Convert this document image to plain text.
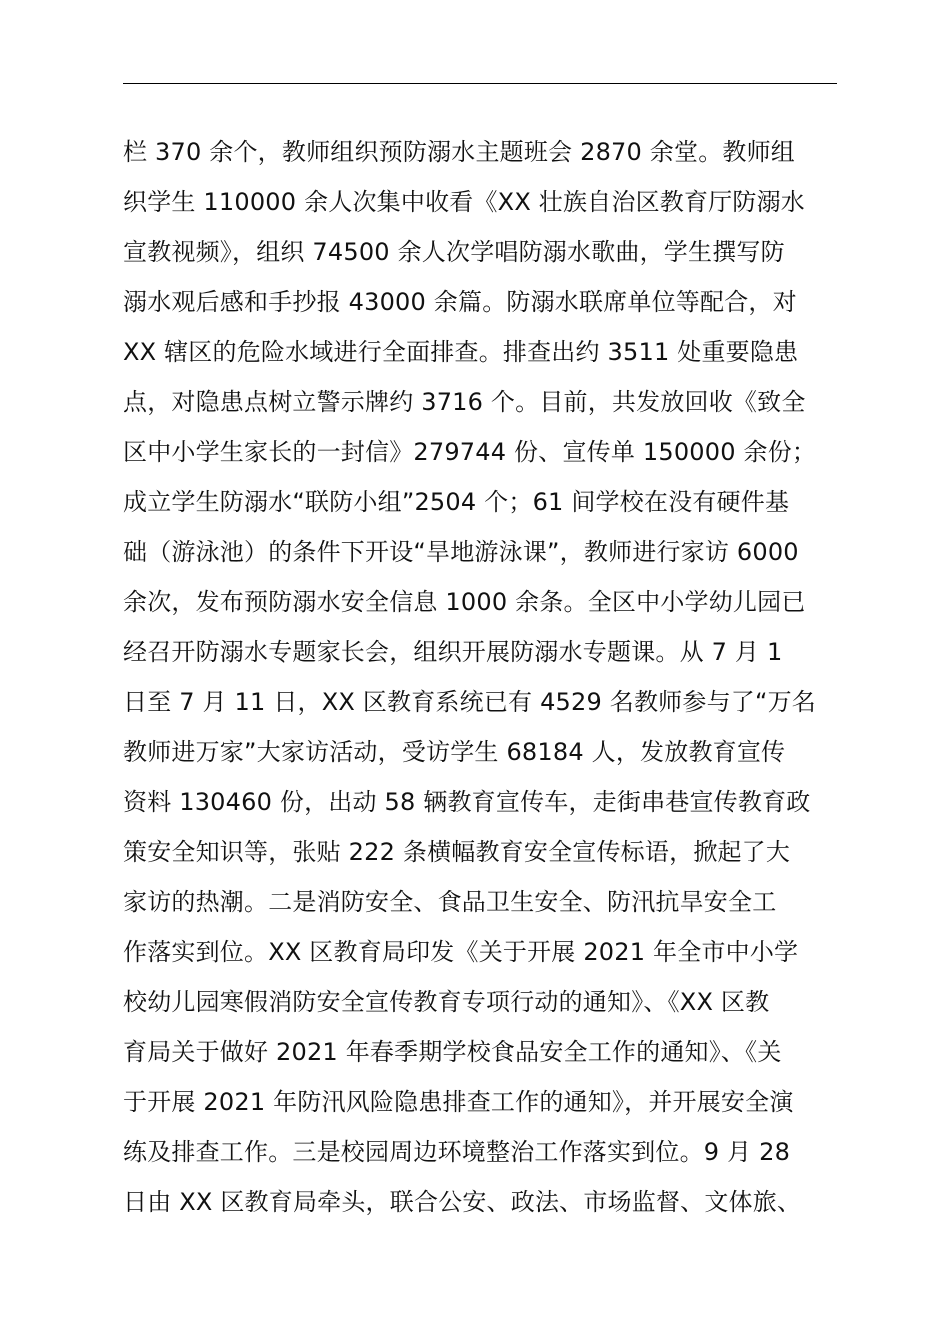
栏 370 余个，教师组织预防溺水主题班会 2870 余堂。教师组
织学生 110000 余人次集中收看《XX 壮族自治区教育厅防溺水
宣教视频》，组织 74500 余人次学唱防溺水歌曲，学生撰写防
溺水观后感和手抄报 43000 余篇。防溺水联席单位等配合，对
XX 辖区的危险水域进行全面排查。排查出约 3511 处重要隐患
点，对隐患点树立警示牌约 3716 个。目前，共发放回收《致全
区中小学生家长的一封信》279744 份、宣传单 150000 余份；
成立学生防溺水“联防小组”2504 个；61 间学校在没有硬件基
础（游泳池）的条件下开设“旱地游泳课”，教师进行家访 6000
余次，发布预防溺水安全信息 1000 余条。全区中小学幼儿园已
经召开防溺水专题家长会，组织开展防溺水专题课。从 7 月 1
日至 7 月 11 日，XX 区教育系统已有 4529 名教师参与了“万名
教师进万家”大家访活动，受访学生 68184 人，发放教育宣传
资料 130460 份，出动 58 辆教育宣传车，走街串巷宣传教育政
策安全知识等，张贴 222 条横幅教育安全宣传标语，掀起了大
家访的热潮。二是消防安全、食品卫生安全、防汛抗旱安全工
作落实到位。XX 区教育局印发《关于开展 2021 年全市中小学
校幼儿园寒假消防安全宣传教育专项行动的通知》、《XX 区教
育局关于做好 2021 年春季期学校食品安全工作的通知》、《关
于开展 2021 年防汛风险隐患排查工作的通知》，并开展安全演
练及排查工作。三是校园周边环境整治工作落实到位。9 月 28
日由 XX 区教育局牵头，联合公安、政法、市场监督、文体旅、
